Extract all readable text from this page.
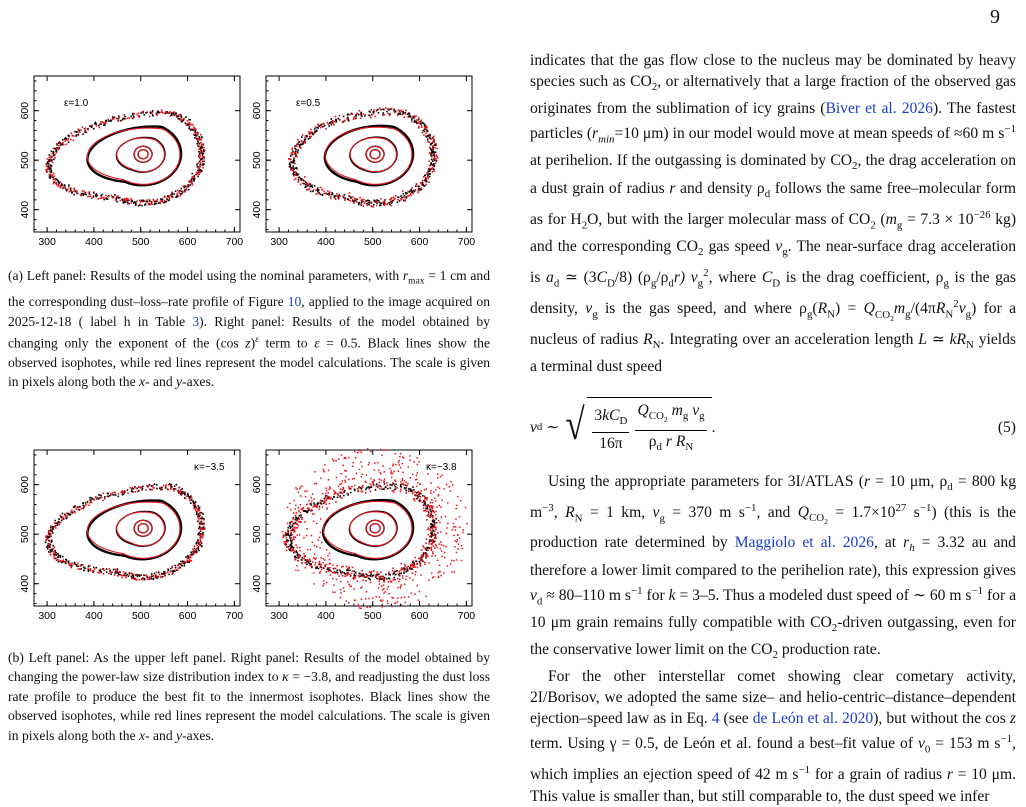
9
ε=1.0
300	400	500	600	700
400
500
600	ε=0.5
300	400	500	600	700
400
500
600
(a) Left panel: Results of the model using the nominal parameters, with $r_{max} = 1$ cm and the corresponding dust–loss–rate profile of Figure 10, applied to the image acquired on 2025-12-18 ( label h in Table 3). Right panel: Results of the model obtained by changing only the exponent of the (cos z)$^\varepsilon$ term to ε = 0.5. Black lines show the observed isophotes, while red lines represent the model calculations. The scale is given in pixels along both the x- and y-axes.
κ=−3.5
300	400	500	600	700
400
500
600
κ=−3.8
300	400	500	600	700
400
500
600
(b) Left panel: As the upper left panel. Right panel: Results of the model obtained by changing the power-law size distribution index to κ = −3.8, and readjusting the dust loss rate profile to produce the best fit to the innermost isophotes. Black lines show the observed isophotes, while red lines represent the model calculations. The scale is given in pixels along both the x- and y-axes.

indicates that the gas flow close to the nucleus may be dominated by heavy species such as $CO_2$, or alternatively that a large fraction of the observed gas originates from the sublimation of icy grains (Biver et al. 2026). The fastest particles ($r_{min}=10$ μm) in our model would move at mean speeds of ≈60 m $s^{-1}$ at perihelion. If the outgassing is dominated by $CO_2$, the drag acceleration on a dust grain of radius r and density $\rho_d$ follows the same free–molecular form as for $H_2O$, but with the larger molecular mass of $CO_2$ ($m_g = 7.3 \times 10^{-26}$ kg) and the corresponding $CO_2$ gas speed $v_g$. The near-surface drag acceleration is $a_d$ ≃ $(3C_D/8)$ $(\rho_g/\rho_dr)$ $v_g^2$, where $C_D$ is the drag coefficient, $\rho_g$ is the gas density, $v_g$ is the gas speed, and where $\rho_g(R_N) = Q_{CO_2}m_g/(4\pi R_N^2v_g)$ for a nucleus of radius $R_N$. Integrating over an acceleration length L ≃ $kR_N$ yields a terminal dust speed

v d
∼
√ $\frac{3kC_D}{16\pi} \frac{Q_{CO_2} m_g v_g}{\rho_d r R_N}$ .	(5)

Using the appropriate parameters for 3I/ATLAS (r = 10 μm, $\rho_d = 800$ kg $m^{-3}$, $R_N = 1$ km, $v_g = 370$ m $s^{-1}$, and $Q_{CO_2} = 1.7\times 10^{27}$ $s^{-1}$) (this is the production rate determined by Maggiolo et al. 2026, at $r_h = 3.32$ au and therefore a lower limit compared to the perihelion rate), this expression gives $v_d \approx 80-110$ m $s^{-1}$ for k = 3–5. Thus a modeled dust speed of ∼ 60 m $s^{-1}$ for a 10 μm grain remains fully compatible with $CO_2$-driven outgassing, even for the conservative lower limit on the $CO_2$ production rate.

For the other interstellar comet showing clear cometary activity, 2I/Borisov, we adopted the same size– and helio-centric–distance–dependent ejection–speed law as in Eq. 4 (see de León et al. 2020), but without the cos z term. Using γ = 0.5, de León et al. found a best–fit value of $v_0 = 153$ m $s^{-1}$, which implies an ejection speed of 42 m $s^{-1}$ for a grain of radius r = 10 μm. This value is smaller than, but still comparable to, the dust speed we infer
